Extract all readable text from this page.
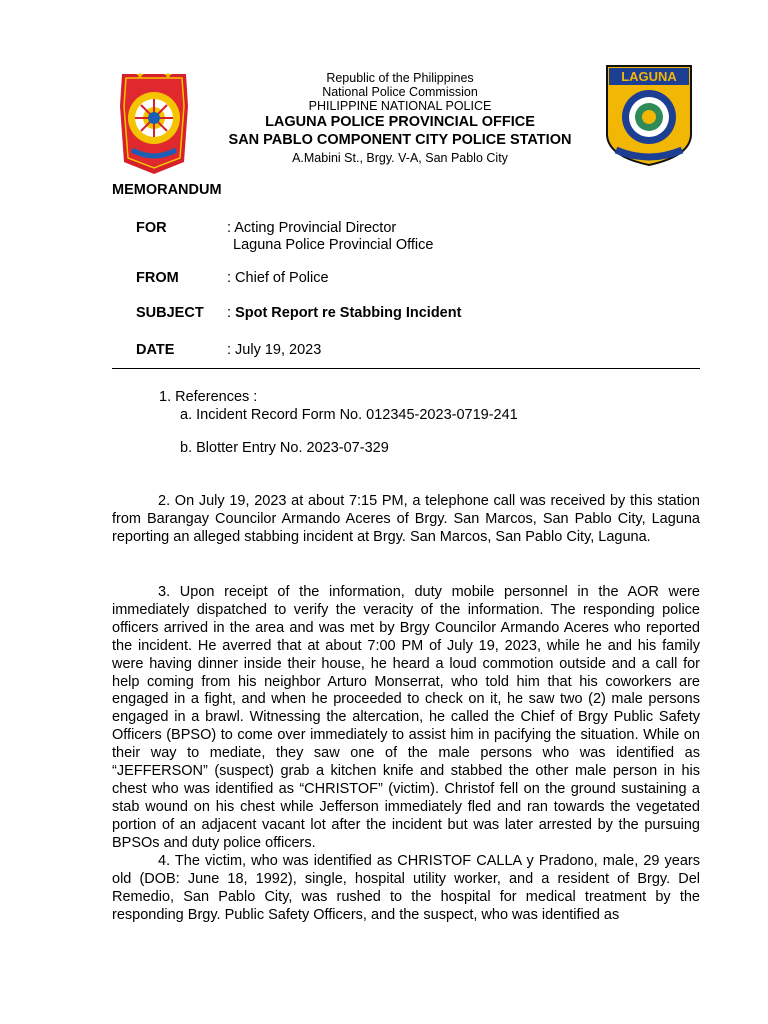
LAGUNA
Republic of the Philippines
National Police Commission
PHILIPPINE NATIONAL POLICE
LAGUNA POLICE PROVINCIAL OFFICE
SAN PABLO COMPONENT CITY POLICE STATION
A.Mabini St., Brgy. V-A, San Pablo City
MEMORANDUM
FOR	: Acting Provincial Director
Laguna Police Provincial Office
FROM	: Chief of Police
SUBJECT : Spot Report re Stabbing Incident
DATE	: July 19, 2023
1. References :
a. Incident Record Form No. 012345-2023-0719-241
b. Blotter Entry No. 2023-07-329
2. On July 19, 2023 at about 7:15 PM, a telephone call was received by this station from Barangay Councilor Armando Aceres of Brgy. San Marcos, San Pablo City, Laguna reporting an alleged stabbing incident at Brgy. San Marcos, San Pablo City, Laguna.
3. Upon receipt of the information, duty mobile personnel in the AOR were immediately dispatched to verify the veracity of the information. The responding police officers arrived in the area and was met by Brgy Councilor Armando Aceres who reported the incident. He averred that at about 7:00 PM of July 19, 2023, while he and his family were having dinner inside their house, he heard a loud commotion outside and a call for help coming from his neighbor Arturo Monserrat, who told him that his coworkers are engaged in a fight, and when he proceeded to check on it, he saw two (2) male persons engaged in a brawl. Witnessing the altercation, he called the Chief of Brgy Public Safety Officers (BPSO) to come over immediately to assist him in pacifying the situation. While on their way to mediate, they saw one of the male persons who was identified as “JEFFERSON” (suspect) grab a kitchen knife and stabbed the other male person in his chest who was identified as “CHRISTOF” (victim). Christof fell on the ground sustaining a stab wound on his chest while Jefferson immediately fled and ran towards the vegetated portion of an adjacent vacant lot after the incident but was later arrested by the pursuing BPSOs and duty police officers.
4. The victim, who was identified as CHRISTOF CALLA y Pradono, male, 29 years old (DOB: June 18, 1992), single, hospital utility worker, and a resident of Brgy. Del Remedio, San Pablo City, was rushed to the hospital for medical treatment by the responding Brgy. Public Safety Officers, and the suspect, who was identified as
